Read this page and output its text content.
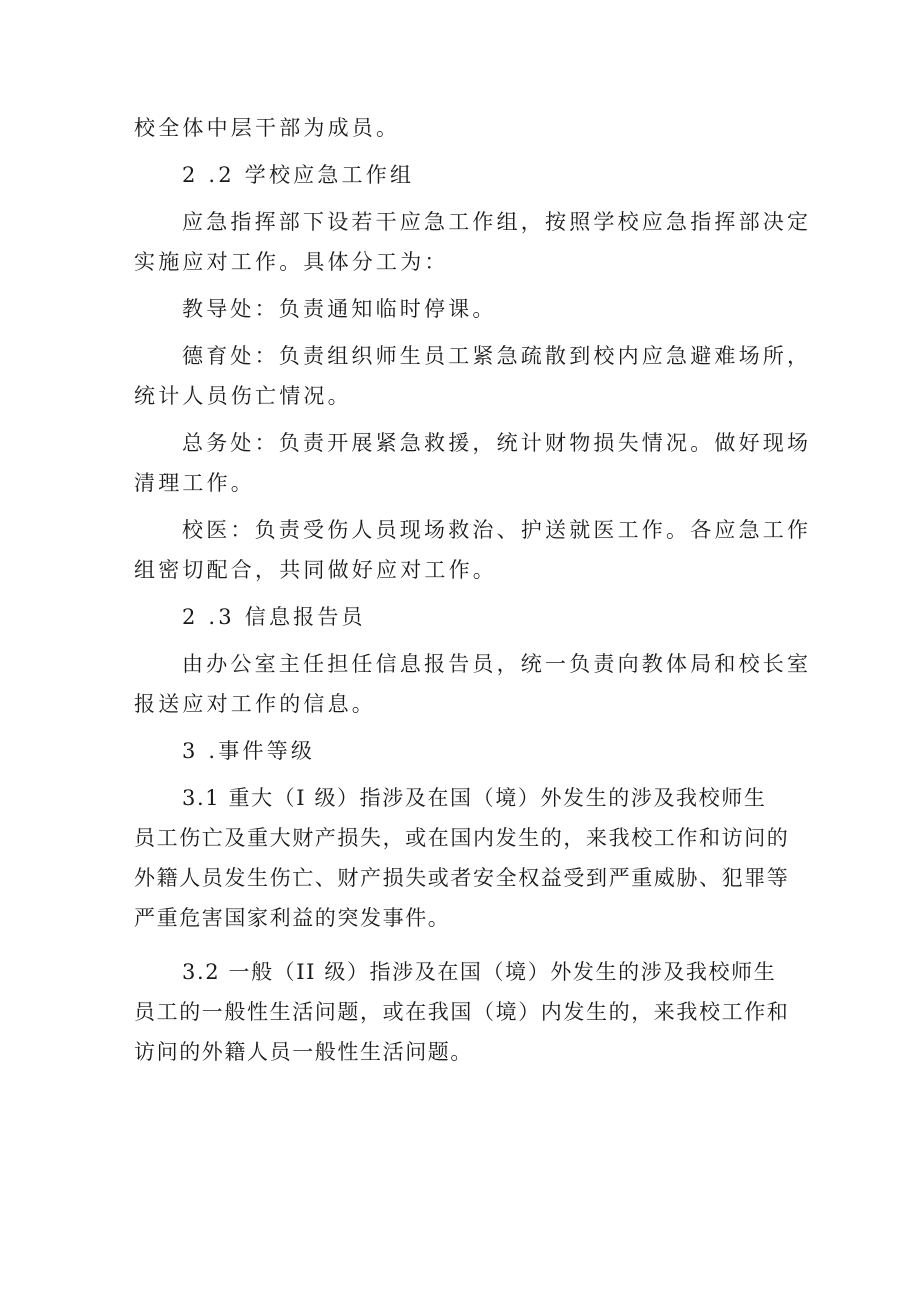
校全体中层干部为成员。

2 .2 学校应急工作组

应急指挥部下设若干应急工作组，按照学校应急指挥部决定
实施应对工作。具体分工为：

教导处：负责通知临时停课。

德育处：负责组织师生员工紧急疏散到校内应急避难场所，
统计人员伤亡情况。

总务处：负责开展紧急救援，统计财物损失情况。做好现场
清理工作。

校医：负责受伤人员现场救治、护送就医工作。各应急工作
组密切配合，共同做好应对工作。

2 .3 信息报告员

由办公室主任担任信息报告员，统一负责向教体局和校长室
报送应对工作的信息。

3 .事件等级

3.1 重大（I 级）指涉及在国（境）外发生的涉及我校师生
员工伤亡及重大财产损失，或在国内发生的，来我校工作和访问的
外籍人员发生伤亡、财产损失或者安全权益受到严重威胁、犯罪等
严重危害国家利益的突发事件。

3.2 一般（II 级）指涉及在国（境）外发生的涉及我校师生
员工的一般性生活问题，或在我国（境）内发生的，来我校工作和
访问的外籍人员一般性生活问题。
